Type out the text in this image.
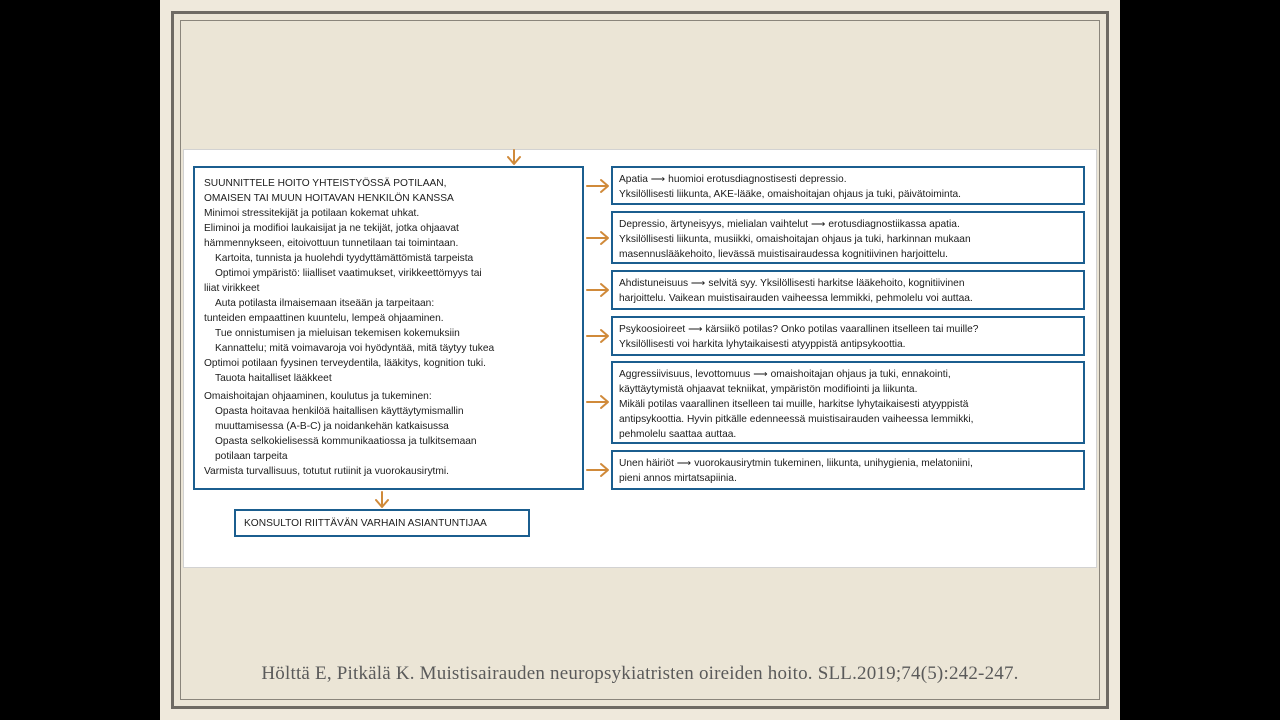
SUUNNITTELE HOITO YHTEISTYÖSSÄ POTILAAN,
OMAISEN TAI MUUN HOITAVAN HENKILÖN KANSSA
Minimoi stressitekijät ja potilaan kokemat uhkat.
Eliminoi ja modifioi laukaisijat ja ne tekijät, jotka ohjaavat
hämmennykseen, eitoivottuun tunnetilaan tai toimintaan.
Kartoita, tunnista ja huolehdi tyydyttämättömistä tarpeista
Optimoi ympäristö: liialliset vaatimukset, virikkeettömyys tai
liiat virikkeet
Auta potilasta ilmaisemaan itseään ja tarpeitaan:
tunteiden empaattinen kuuntelu, lempeä ohjaaminen.
Tue onnistumisen ja mieluisan tekemisen kokemuksiin
Kannattelu; mitä voimavaroja voi hyödyntää, mitä täytyy tukea
Optimoi potilaan fyysinen terveydentila, lääkitys, kognition tuki.
Tauota haitalliset lääkkeet
Omaishoitajan ohjaaminen, koulutus ja tukeminen:
Opasta hoitavaa henkilöä haitallisen käyttäytymismallin
muuttamisessa (A-B-C) ja noidankehän katkaisussa
Opasta selkokielisessä kommunikaatiossa ja tulkitsemaan
potilaan tarpeita
Varmista turvallisuus, totutut rutiinit ja vuorokausirytmi.
KONSULTOI RIITTÄVÄN VARHAIN ASIANTUNTIJAA
Apatia ⟶ huomioi erotusdiagnostisesti depressio.
Yksilöllisesti liikunta, AKE-lääke, omaishoitajan ohjaus ja tuki, päivätoiminta.
Depressio, ärtyneisyys, mielialan vaihtelut ⟶ erotusdiagnostiikassa apatia.
Yksilöllisesti liikunta, musiikki, omaishoitajan ohjaus ja tuki, harkinnan mukaan
masennuslääkehoito, lievässä muistisairaudessa kognitiivinen harjoittelu.
Ahdistuneisuus ⟶ selvitä syy. Yksilöllisesti harkitse lääkehoito, kognitiivinen
harjoittelu. Vaikean muistisairauden vaiheessa lemmikki, pehmolelu voi auttaa.
Psykoosioireet ⟶ kärsiikö potilas? Onko potilas vaarallinen itselleen tai muille?
Yksilöllisesti voi harkita lyhytaikaisesti atyyppistä antipsykoottia.
Aggressiivisuus, levottomuus ⟶ omaishoitajan ohjaus ja tuki, ennakointi,
käyttäytymistä ohjaavat tekniikat, ympäristön modifiointi ja liikunta.
Mikäli potilas vaarallinen itselleen tai muille, harkitse lyhytaikaisesti atyyppistä
antipsykoottia. Hyvin pitkälle edenneessä muistisairauden vaiheessa lemmikki,
pehmolelu saattaa auttaa.
Unen häiriöt ⟶ vuorokausirytmin tukeminen, liikunta, unihygienia, melatoniini,
pieni annos mirtatsapiinia.
Hölttä E, Pitkälä K. Muistisairauden neuropsykiatristen oireiden hoito. SLL.2019;74(5):242-247.
